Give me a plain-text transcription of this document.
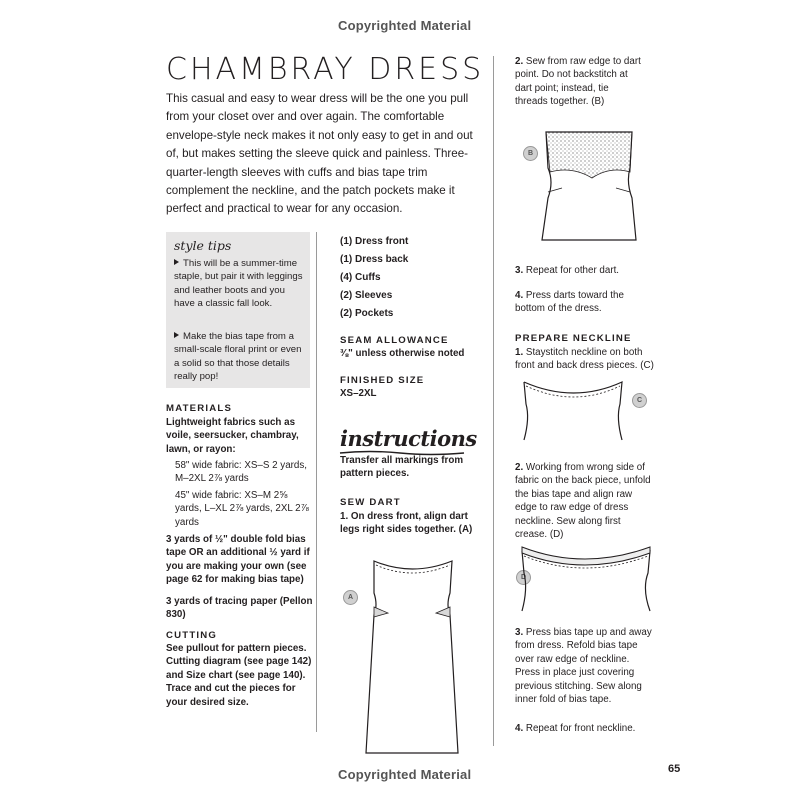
Copyrighted Material
Copyrighted Material
CHAMBRAY DRESS

This casual and easy to wear dress will be the one you pull from your closet over and over again. The comfortable envelope-style neck makes it not only easy to get in and out of, but makes setting the sleeve quick and painless. Three-quarter-length sleeves with cuffs and bias tape trim complement the neckline, and the patch pockets make it perfect and practical to wear for any occasion.

style tips
This will be a summer-time staple, but pair it with leggings and leather boots and you have a classic fall look.
Make the bias tape from a small-scale floral print or even a solid so that those details really pop!
MATERIALS
Lightweight fabrics such as voile, seersucker, chambray, lawn, or rayon:
58" wide fabric: XS–S 2 yards, M–2XL 2⅞ yards
45" wide fabric: XS–M 2⅝ yards, L–XL 2⅞ yards, 2XL 2⅞ yards
3 yards of ½" double fold bias tape OR an additional ½ yard if you are making your own (see page 62 for making bias tape)
3 yards of tracing paper (Pellon 830)
CUTTING
See pullout for pattern pieces. Cutting diagram (see page 142) and Size chart (see page 140). Trace and cut the pieces for your desired size.
(1) Dress front
(1) Dress back
(4) Cuffs
(2) Sleeves
(2) Pockets
SEAM ALLOWANCE
⅜" unless otherwise noted
FINISHED SIZE
XS–2XL
instructions
Transfer all markings from pattern pieces.
SEW DART
1. On dress front, align dart legs right sides together. (A)
A
2. Sew from raw edge to dart point. Do not backstitch at dart point; instead, tie threads together. (B)
B
3. Repeat for other dart.
4. Press darts toward the bottom of the dress.
PREPARE NECKLINE
1. Staystitch neckline on both front and back dress pieces. (C)
C
2. Working from wrong side of fabric on the back piece, unfold the bias tape and align raw edge to raw edge of dress neckline. Sew along first crease. (D)
D
3. Press bias tape up and away from dress. Refold bias tape over raw edge of neckline. Press in place just covering previous stitching. Sew along inner fold of bias tape.
4. Repeat for front neckline.
65
